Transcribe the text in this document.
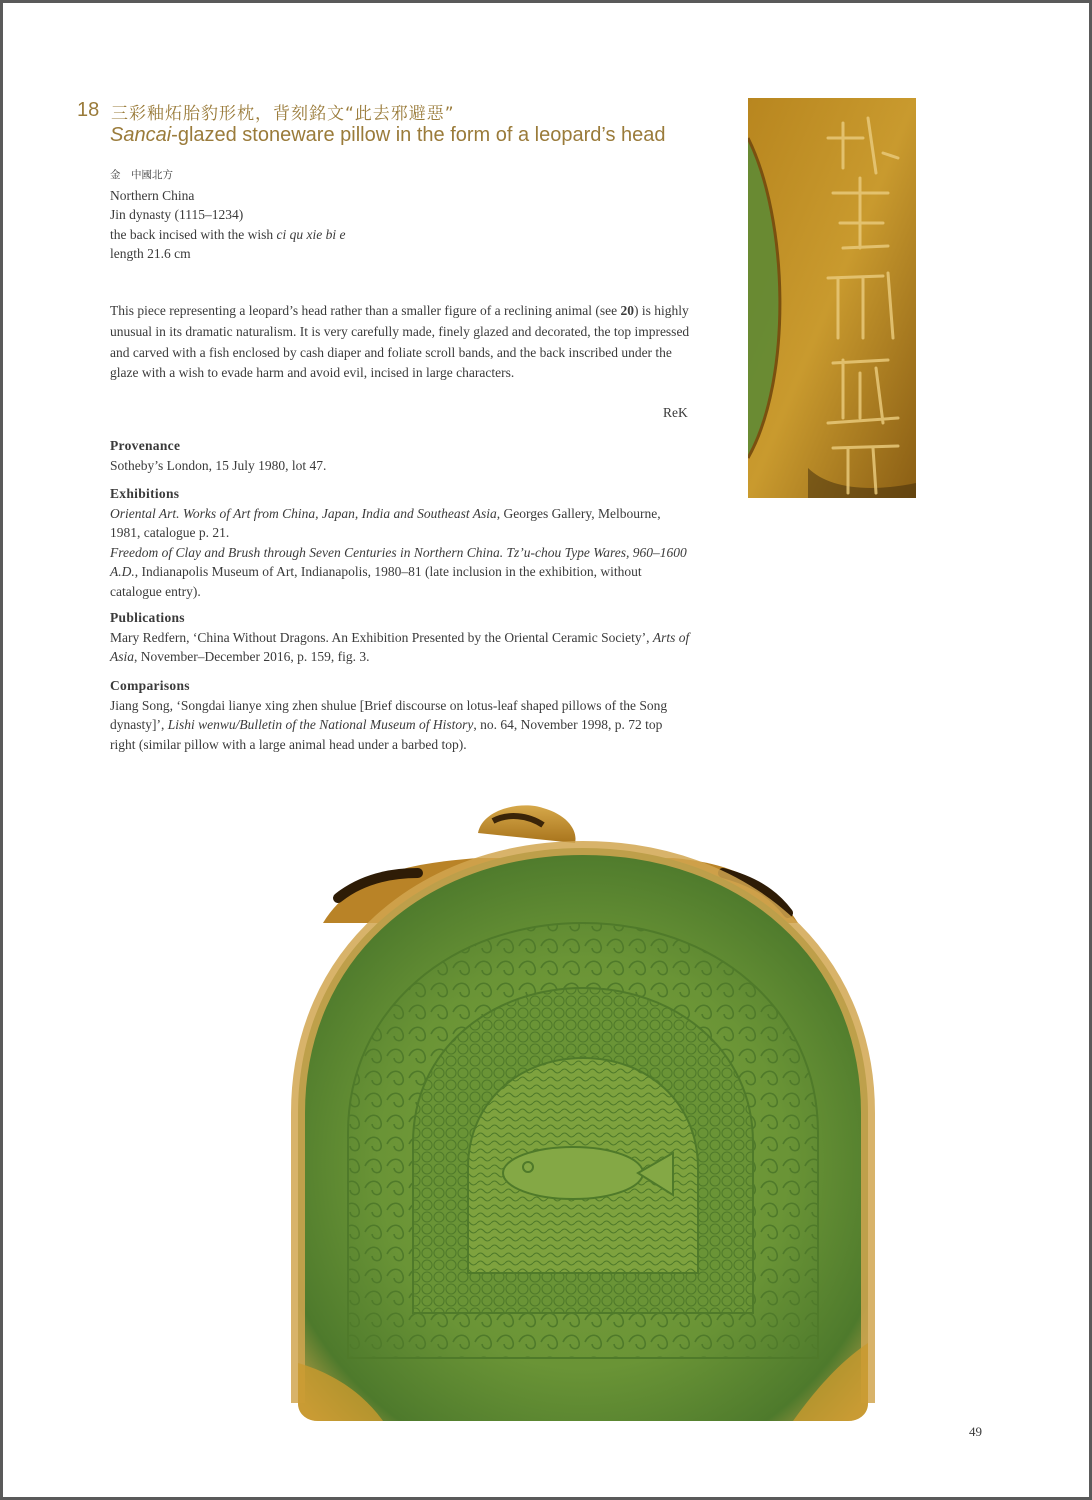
18 三彩釉炻胎豹形枕，背刻銘文“此去邪避惡”
Sancai-glazed stoneware pillow in the form of a leopard’s head
金　中國北方
Northern China
Jin dynasty (1115–1234)
the back incised with the wish ci qu xie bi e
length 21.6 cm

This piece representing a leopard’s head rather than a smaller figure of a reclining animal (see 20) is highly unusual in its dramatic naturalism. It is very carefully made, finely glazed and decorated, the top impressed and carved with a fish enclosed by cash diaper and foliate scroll bands, and the back inscribed under the glaze with a wish to evade harm and avoid evil, incised in large characters.

ReK
Provenance

Sotheby’s London, 15 July 1980, lot 47.

Exhibitions

Oriental Art. Works of Art from China, Japan, India and Southeast Asia, Georges Gallery, Melbourne, 1981, catalogue p. 21.

Freedom of Clay and Brush through Seven Centuries in Northern China. Tz’u-chou Type Wares, 960–1600 A.D., Indianapolis Museum of Art, Indianapolis, 1980–81 (late inclusion in the exhibition, without catalogue entry).

Publications

Mary Redfern, ‘China Without Dragons. An Exhibition Presented by the Oriental Ceramic Society’, Arts of Asia, November–December 2016, p. 159, fig. 3.

Comparisons

Jiang Song, ‘Songdai lianye xing zhen shulue [Brief discourse on lotus-leaf shaped pillows of the Song dynasty]’, Lishi wenwu/Bulletin of the National Museum of History, no. 64, November 1998, p. 72 top right (similar pillow with a large animal head under a barbed top).

49
